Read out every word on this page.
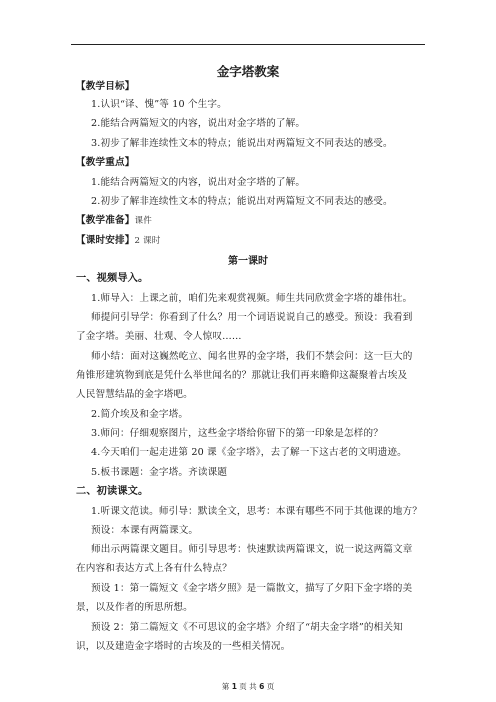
金字塔教案
【教学目标】
1.认识“译、愧”等 10 个生字。
2.能结合两篇短文的内容，说出对金字塔的了解。
3.初步了解非连续性文本的特点；能说出对两篇短文不同表达的感受。
【教学重点】
1.能结合两篇短文的内容，说出对金字塔的了解。
2.初步了解非连续性文本的特点；能说出对两篇短文不同表达的感受。
【教学准备】课件
【课时安排】2 课时
第一课时
一、视频导入。
1.师导入：上课之前，咱们先来观赏视频。师生共同欣赏金字塔的雄伟壮。
师提问引导学：你看到了什么？用一个词语说说自己的感受。预设：我看到
了金字塔。美丽、壮观、令人惊叹……
师小结：面对这巍然屹立、闻名世界的金字塔，我们不禁会问：这一巨大的
角锥形建筑物到底是凭什么举世闻名的？那就让我们再来瞻仰这凝聚着古埃及
人民智慧结晶的金字塔吧。
2.简介埃及和金字塔。
3.师问：仔细观察图片，这些金字塔给你留下的第一印象是怎样的？
4.今天咱们一起走进第 20 课《金字塔》，去了解一下这古老的文明遗迹。
5.板书课题：金字塔。齐读课题
二、初读课文。
1.听课文范读。师引导：默读全文，思考：本课有哪些不同于其他课的地方？
预设：本课有两篇课文。
师出示两篇课文题目。师引导思考：快速默读两篇课文，说一说这两篇文章
在内容和表达方式上各有什么特点？
预设 1：第一篇短文《金字塔夕照》是一篇散文，描写了夕阳下金字塔的美
景，以及作者的所思所想。
预设 2：第二篇短文《不可思议的金字塔》介绍了“胡夫金字塔”的相关知
识，以及建造金字塔时的古埃及的一些相关情况。
第 1 页 共 6 页
